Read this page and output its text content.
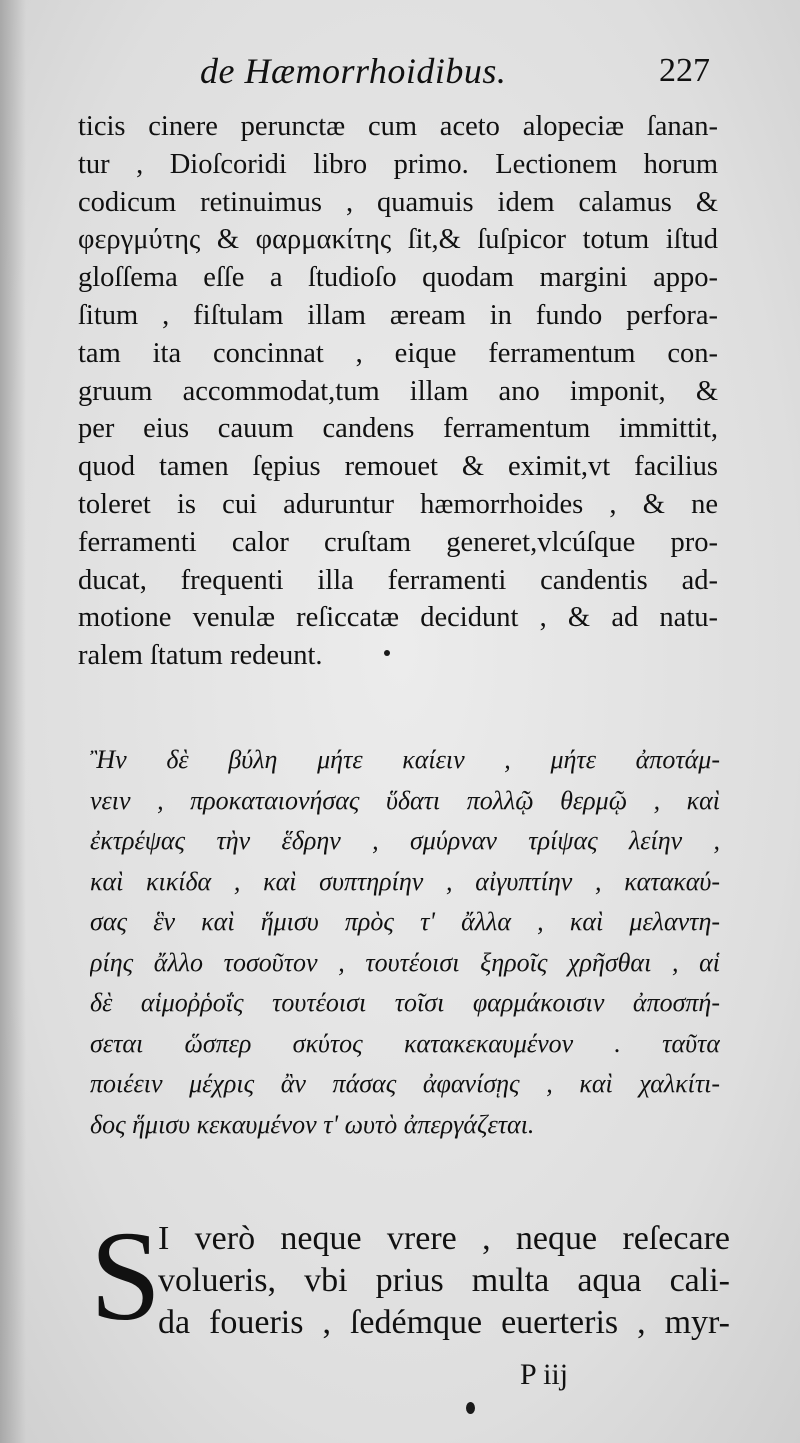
de Hæmorrhoidibus.	227
ticis cinere perunctæ cum aceto alopeciæ ſanan-
tur , Dioſcoridi libro primo. Lectionem horum
codicum retinuimus , quamuis idem calamus &
φεργμύτης & φαρμακίτης ſit,& ſuſpicor totum iſtud
gloſſema eſſe a ſtudioſo quodam margini appo-
ſitum , fiſtulam illam æream in fundo perfora-
tam ita concinnat , eique ferramentum con-
gruum accommodat,tum illam ano imponit, &
per eius cauum candens ferramentum immittit,
quod tamen ſępius remouet & eximit,vt facilius
toleret is cui aduruntur hæmorrhoides , & ne
ferramenti calor cruſtam generet,vlcúſque pro-
ducat, frequenti illa ferramenti candentis ad-
motione venulæ reſiccatæ decidunt , & ad natu-
ralem ſtatum redeunt.
Ἢν δὲ βύλη μήτε καίειν , μήτε ἀποτάμ-
νειν , προκαταιονήσας ὕδατι πολλῷ θερμῷ , καὶ
ἐκτρέψας τὴν ἕδρην , σμύρναν τρίψας λείην ,
καὶ κικίδα , καὶ συπτηρίην , αἰγυπτίην , κατακαύ-
σας ἓν καὶ ἥμισυ πρὸς τ' ἄλλα , καὶ μελαντη-
ρίης ἄλλο τοσοῦτον , τουτέοισι ξηροῖς χρῆσθαι , αἱ
δὲ αἱμοῤῥοΐς τουτέοισι τοῖσι φαρμάκοισιν ἀποσπή-
σεται ὥσπερ σκύτος κατακεκαυμένον . ταῦτα
ποιέειν μέχρις ἂν πάσας ἀφανίσῃς , καὶ χαλκίτι-
δος ἥμισυ κεκαυμένον τ' ωυτὸ ἀπεργάζεται.
S
I verò neque vrere , neque reſecare
volueris, vbi prius multa aqua cali-
da foueris , ſedémque euerteris , myr-
P iij
